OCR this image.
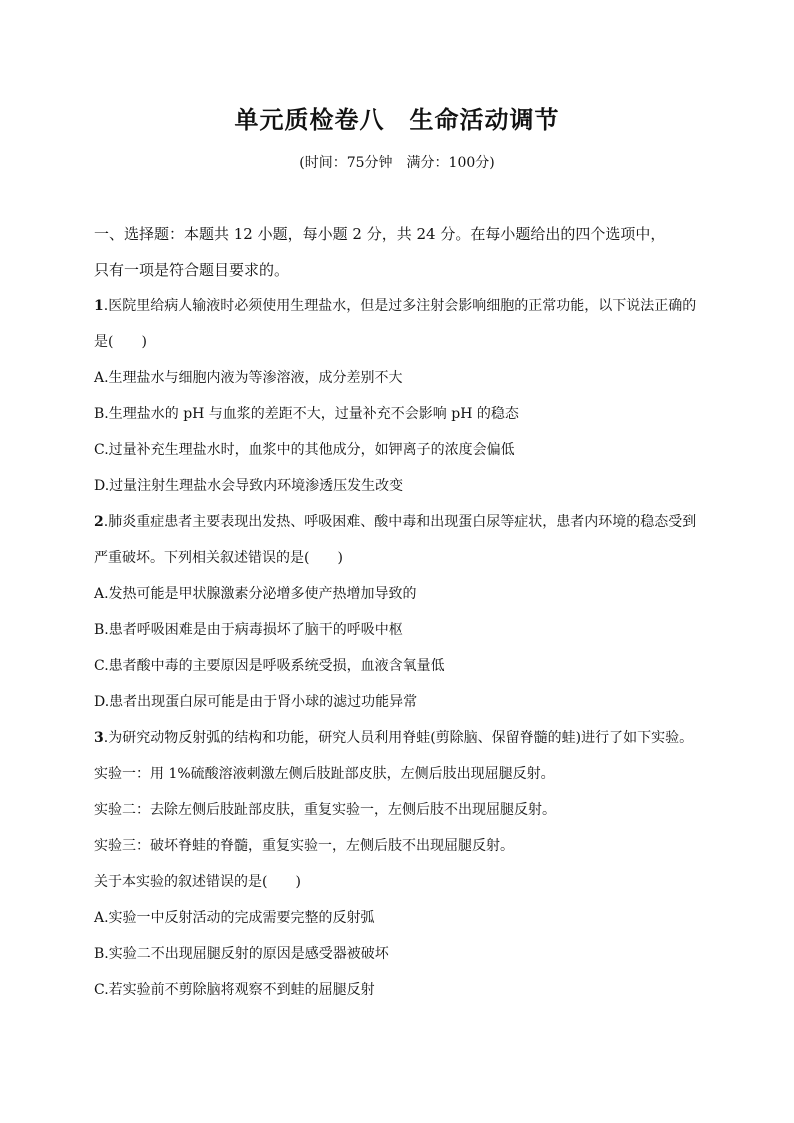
单元质检卷八　生命活动调节
(时间：75分钟　满分：100分)
一、选择题：本题共 12 小题，每小题 2 分，共 24 分。在每小题给出的四个选项中，
只有一项是符合题目要求的。
1.医院里给病人输液时必须使用生理盐水，但是过多注射会影响细胞的正常功能，以下说法正确的
是(　　)
A.生理盐水与细胞内液为等渗溶液，成分差别不大
B.生理盐水的 pH 与血浆的差距不大，过量补充不会影响 pH 的稳态
C.过量补充生理盐水时，血浆中的其他成分，如钾离子的浓度会偏低
D.过量注射生理盐水会导致内环境渗透压发生改变
2.肺炎重症患者主要表现出发热、呼吸困难、酸中毒和出现蛋白尿等症状，患者内环境的稳态受到
严重破坏。下列相关叙述错误的是(　　)
A.发热可能是甲状腺激素分泌增多使产热增加导致的
B.患者呼吸困难是由于病毒损坏了脑干的呼吸中枢
C.患者酸中毒的主要原因是呼吸系统受损，血液含氧量低
D.患者出现蛋白尿可能是由于肾小球的滤过功能异常
3.为研究动物反射弧的结构和功能，研究人员利用脊蛙(剪除脑、保留脊髓的蛙)进行了如下实验。
实验一：用 1%硫酸溶液刺激左侧后肢趾部皮肤，左侧后肢出现屈腿反射。
实验二：去除左侧后肢趾部皮肤，重复实验一，左侧后肢不出现屈腿反射。
实验三：破坏脊蛙的脊髓，重复实验一，左侧后肢不出现屈腿反射。
关于本实验的叙述错误的是(　　)
A.实验一中反射活动的完成需要完整的反射弧
B.实验二不出现屈腿反射的原因是感受器被破坏
C.若实验前不剪除脑将观察不到蛙的屈腿反射
